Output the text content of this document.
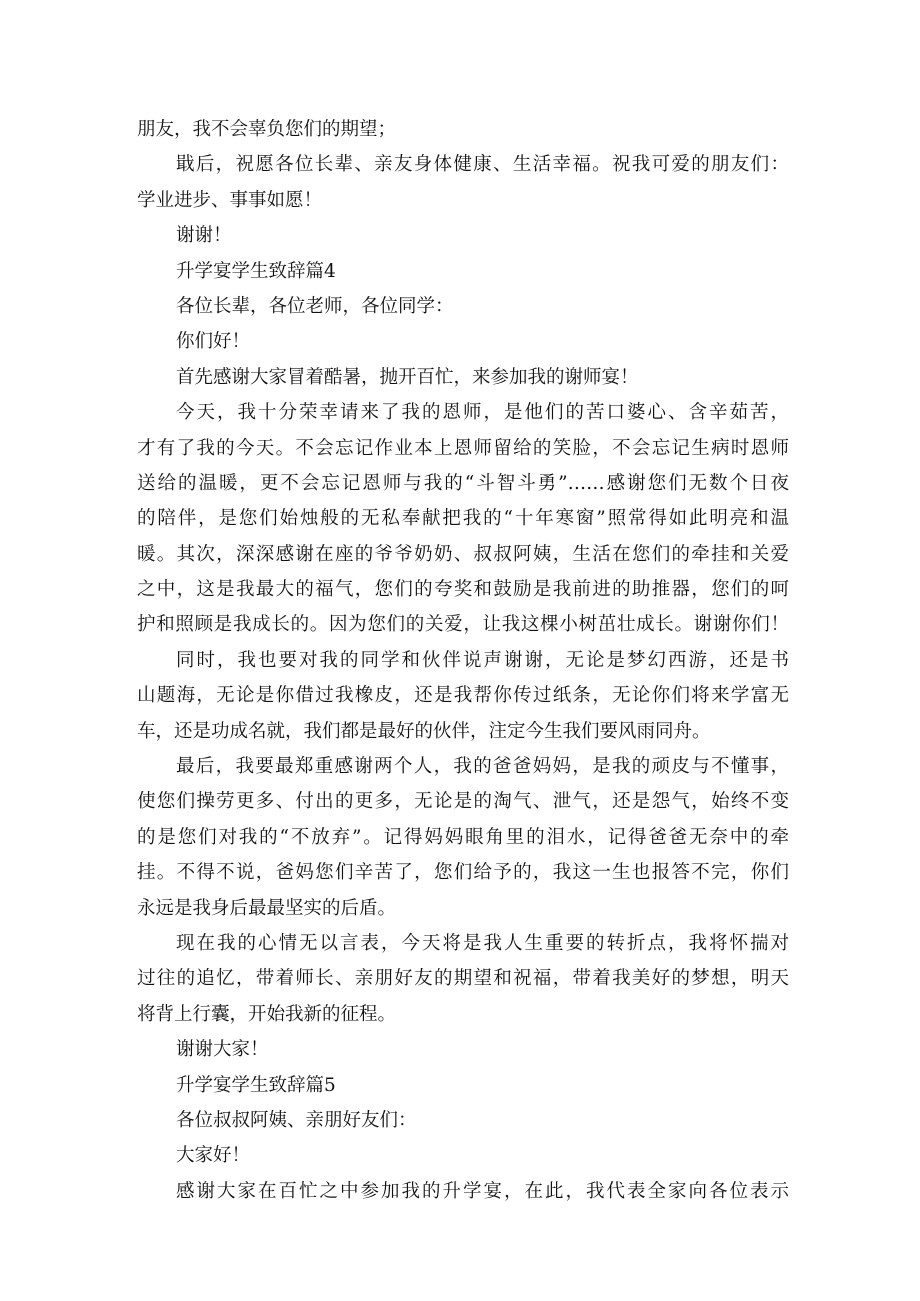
朋友，我不会辜负您们的期望；
戢后，祝愿各位长辈、亲友身体健康、生活幸福。祝我可爱的朋友们：
学业进步、事事如愿！
谢谢！
升学宴学生致辞篇4
各位长辈，各位老师，各位同学：
你们好！
首先感谢大家冒着酷暑，抛开百忙，来参加我的谢师宴！
今天，我十分荣幸请来了我的恩师，是他们的苦口婆心、含辛茹苦，
才有了我的今天。不会忘记作业本上恩师留给的笑脸，不会忘记生病时恩师
送给的温暖，更不会忘记恩师与我的“斗智斗勇”……感谢您们无数个日夜
的陪伴，是您们始烛般的无私奉献把我的“十年寒窗”照常得如此明亮和温
暖。其次，深深感谢在座的爷爷奶奶、叔叔阿姨，生活在您们的牵挂和关爱
之中，这是我最大的福气，您们的夸奖和鼓励是我前进的助推器，您们的呵
护和照顾是我成长的。因为您们的关爱，让我这棵小树茁壮成长。谢谢你们！
同时，我也要对我的同学和伙伴说声谢谢，无论是梦幻西游，还是书
山题海，无论是你借过我橡皮，还是我帮你传过纸条，无论你们将来学富无
车，还是功成名就，我们都是最好的伙伴，注定今生我们要风雨同舟。
最后，我要最郑重感谢两个人，我的爸爸妈妈，是我的顽皮与不懂事，
使您们操劳更多、付出的更多，无论是的淘气、泄气，还是怨气，始终不变
的是您们对我的“不放弃”。记得妈妈眼角里的泪水，记得爸爸无奈中的牵
挂。不得不说，爸妈您们辛苦了，您们给予的，我这一生也报答不完，你们
永远是我身后最最坚实的后盾。
现在我的心情无以言表，今天将是我人生重要的转折点，我将怀揣对
过往的追忆，带着师长、亲朋好友的期望和祝福，带着我美好的梦想，明天
将背上行囊，开始我新的征程。
谢谢大家！
升学宴学生致辞篇5
各位叔叔阿姨、亲朋好友们：
大家好！
感谢大家在百忙之中参加我的升学宴，在此，我代表全家向各位表示
